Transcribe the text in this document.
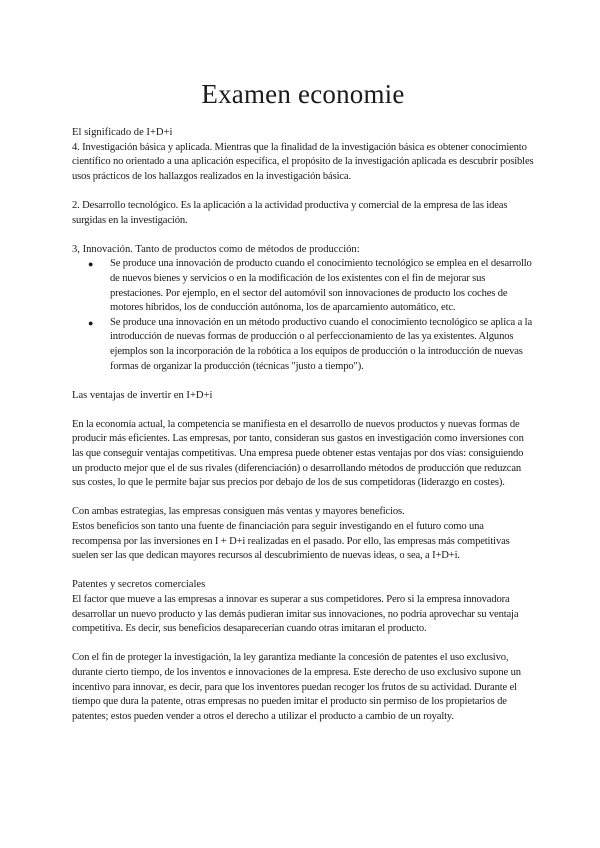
Examen economie

El significado de I+D+i

4. Investigación básica y aplicada. Mientras que la finalidad de la investigación básica es obtener conocimiento científico no orientado a una aplicación específica, el propósito de la investigación aplicada es descubrir posibles usos prácticos de los hallazgos realizados en la investigación básica.

2. Desarrollo tecnológico. Es la aplicación a la actividad productiva y comercial de la empresa de las ideas surgidas en la investigación.

3, Innovación. Tanto de productos como de métodos de producción:

● Se produce una innovación de producto cuando el conocimiento tecnológico se emplea en el desarrollo de nuevos bienes y servicios o en la modificación de los existentes con el fin de mejorar sus prestaciones. Por ejemplo, en el sector del automóvil son innovaciones de producto los coches de motores híbridos, los de conducción autónoma, los de aparcamiento automático, etc.
● Se produce una innovación en un método productivo cuando el conocimiento tecnológico se aplica a la introducción de nuevas formas de producción o al perfeccionamiento de las ya existentes. Algunos ejemplos son la incorporación de la robótica a los equipos de producción o la introducción de nuevas formas de organizar la producción (técnicas "justo a tiempo").

Las ventajas de invertir en I+D+i

En la economía actual, la competencia se manifiesta en el desarrollo de nuevos productos y nuevas formas de producir más eficientes. Las empresas, por tanto, consideran sus gastos en investigación como inversiones con las que conseguir ventajas competitivas. Una empresa puede obtener estas ventajas por dos vías: consiguiendo un producto mejor que el de sus rivales (diferenciación) o desarrollando métodos de producción que reduzcan sus costes, lo que le permite bajar sus precios por debajo de los de sus competidoras (liderazgo en costes).

Con ambas estrategias, las empresas consiguen más ventas y mayores beneficios.

Estos beneficios son tanto una fuente de financiación para seguir investigando en el futuro como una recompensa por las inversiones en I + D+i realizadas en el pasado. Por ello, las empresas más competitivas suelen ser las que dedican mayores recursos al descubrimiento de nuevas ideas, o sea, a I+D+i.

Patentes y secretos comerciales

El factor que mueve a las empresas a innovar es superar a sus competidores. Pero si la empresa innovadora desarrollar un nuevo producto y las demás pudieran imitar sus innovaciones, no podría aprovechar su ventaja competitiva. Es decir, sus beneficios desaparecerían cuando otras imitaran el producto.

Con el fin de proteger la investigación, la ley garantiza mediante la concesión de patentes el uso exclusivo, durante cierto tiempo, de los inventos e innovaciones de la empresa. Este derecho de uso exclusivo supone un incentivo para innovar, es decir, para que los inventores puedan recoger los frutos de su actividad. Durante el tiempo que dura la patente, otras empresas no pueden imitar el producto sin permiso de los propietarios de patentes; estos pueden vender a otros el derecho a utilizar el producto a cambio de un royalty.
